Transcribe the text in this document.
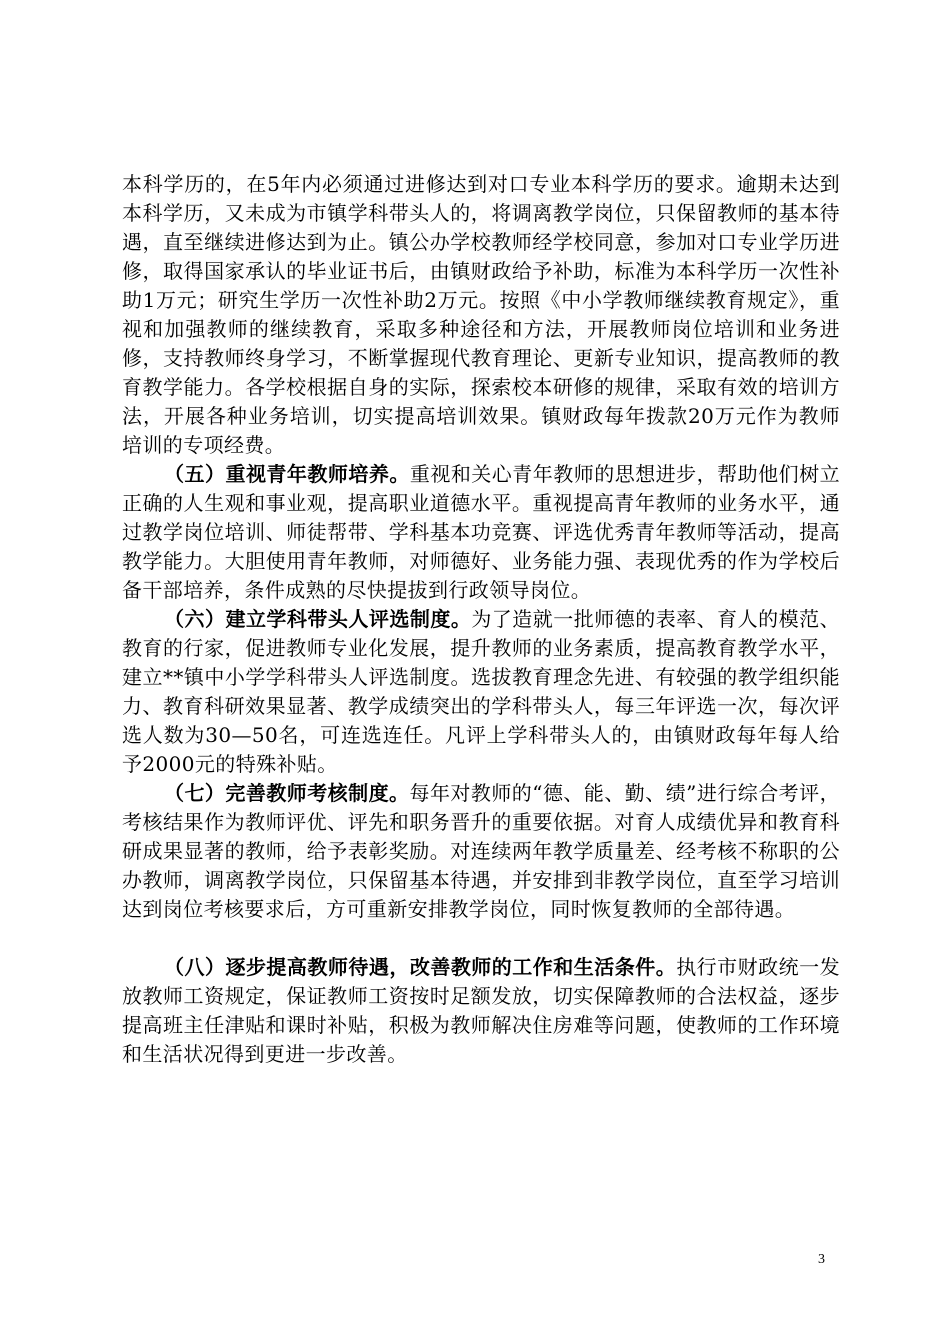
本科学历的，在5年内必须通过进修达到对口专业本科学历的要求。逾期未达到本科学历，又未成为市镇学科带头人的，将调离教学岗位，只保留教师的基本待遇，直至继续进修达到为止。镇公办学校教师经学校同意，参加对口专业学历进修，取得国家承认的毕业证书后，由镇财政给予补助，标准为本科学历一次性补助1万元；研究生学历一次性补助2万元。按照《中小学教师继续教育规定》，重视和加强教师的继续教育，采取多种途径和方法，开展教师岗位培训和业务进修，支持教师终身学习，不断掌握现代教育理论、更新专业知识，提高教师的教育教学能力。各学校根据自身的实际，探索校本研修的规律，采取有效的培训方法，开展各种业务培训，切实提高培训效果。镇财政每年拨款20万元作为教师培训的专项经费。

（五）重视青年教师培养。重视和关心青年教师的思想进步，帮助他们树立正确的人生观和事业观，提高职业道德水平。重视提高青年教师的业务水平，通过教学岗位培训、师徒帮带、学科基本功竞赛、评选优秀青年教师等活动，提高教学能力。大胆使用青年教师，对师德好、业务能力强、表现优秀的作为学校后备干部培养，条件成熟的尽快提拔到行政领导岗位。

（六）建立学科带头人评选制度。为了造就一批师德的表率、育人的模范、教育的行家，促进教师专业化发展，提升教师的业务素质，提高教育教学水平，建立**镇中小学学科带头人评选制度。选拔教育理念先进、有较强的教学组织能力、教育科研效果显著、教学成绩突出的学科带头人，每三年评选一次，每次评选人数为30—50名，可连选连任。凡评上学科带头人的，由镇财政每年每人给予2000元的特殊补贴。

（七）完善教师考核制度。每年对教师的“德、能、勤、绩”进行综合考评，考核结果作为教师评优、评先和职务晋升的重要依据。对育人成绩优异和教育科研成果显著的教师，给予表彰奖励。对连续两年教学质量差、经考核不称职的公办教师，调离教学岗位，只保留基本待遇，并安排到非教学岗位，直至学习培训达到岗位考核要求后，方可重新安排教学岗位，同时恢复教师的全部待遇。

（八）逐步提高教师待遇，改善教师的工作和生活条件。执行市财政统一发放教师工资规定，保证教师工资按时足额发放，切实保障教师的合法权益，逐步提高班主任津贴和课时补贴，积极为教师解决住房难等问题，使教师的工作环境和生活状况得到更进一步改善。

3
